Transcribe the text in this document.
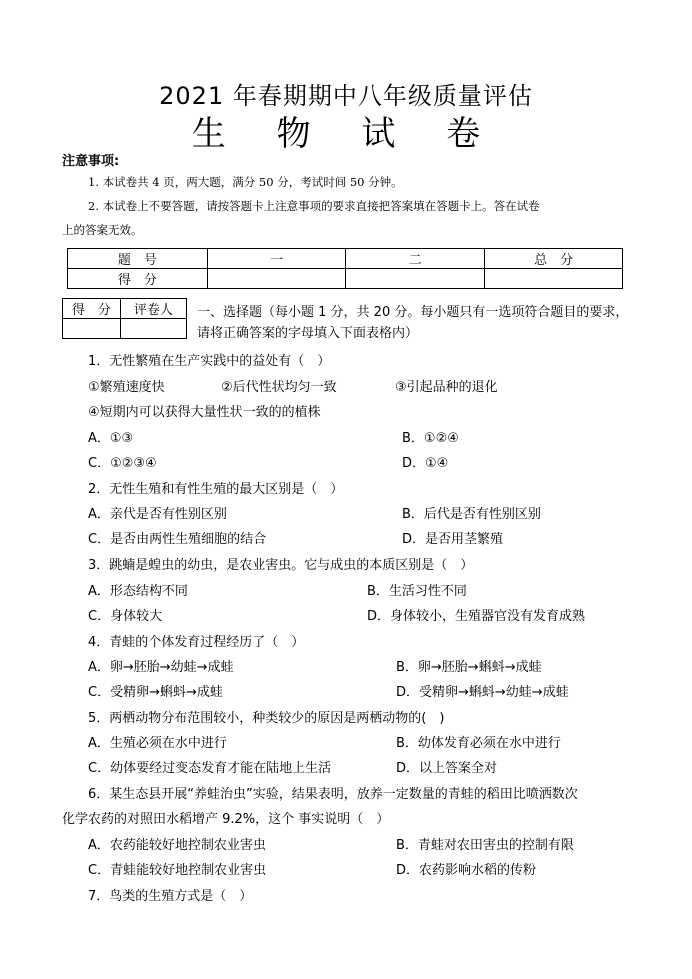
2021 年春期期中八年级质量评估
生 物 试 卷
注意事项:
1. 本试卷共 4 页，两大题，满分 50 分，考试时间 50 分钟。
2. 本试卷上不要答题，请按答题卡上注意事项的要求直接把答案填在答题卡上。答在试卷
上的答案无效。
题　号	一	二	总　分
得　分			
得　分	评卷人
	一、选择题（每小题 1 分，共 20 分。每小题只有一选项符合题目的要求，请将正确答案的字母填入下面表格内）
1．无性繁殖在生产实践中的益处有（　）
①繁殖速度快	②后代性状均匀一致	③引起品种的退化
④短期内可以获得大量性状一致的的植株
A．①③	B．①②④
C．①②③④	D．①④
2．无性生殖和有性生殖的最大区别是（　）
A．亲代是否有性别区别	B．后代是否有性别区别
C．是否由两性生殖细胞的结合	D．是否用茎繁殖
3．跳蝻是蝗虫的幼虫，是农业害虫。它与成虫的本质区别是（　）
A．形态结构不同	B．生活习性不同
C．身体较大	D．身体较小，生殖器官没有发育成熟
4．青蛙的个体发育过程经历了（　）
A．卵→胚胎→幼蛙→成蛙	B．卵→胚胎→蝌蚪→成蛙
C．受精卵→蝌蚪→成蛙	D．受精卵→蝌蚪→幼蛙→成蛙
5．两栖动物分布范围较小，种类较少的原因是两栖动物的(　)
A．生殖必须在水中进行	B．幼体发育必须在水中进行
C．幼体要经过变态发育才能在陆地上生活	D．以上答案全对
6．某生态县开展“养蛙治虫”实验，结果表明，放养一定数量的青蛙的稻田比喷洒数次
化学农药的对照田水稻增产 9.2%，这个 事实说明（　）
A．农药能较好地控制农业害虫	B．青蛙对农田害虫的控制有限
C．青蛙能较好地控制农业害虫	D．农药影响水稻的传粉
7．鸟类的生殖方式是（　）
